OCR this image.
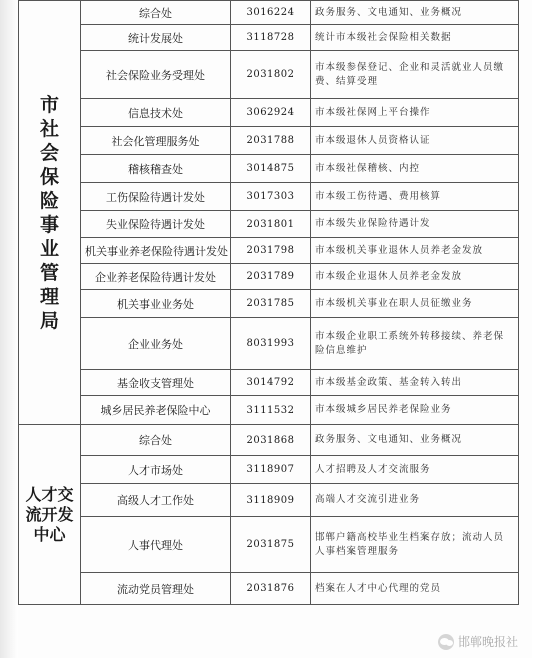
市社会保险事业管理局	综合处	3016224	政务服务、文电通知、业务概况
	统计发展处	3118728	统计市本级社会保险相关数据
	社会保险业务受理处	2031802	市本级参保登记、企业和灵活就业人员缴费、结算受理
	信息技术处	3062924	市本级社保网上平台操作
	社会化管理服务处	2031788	市本级退休人员资格认证
	稽核稽查处	3014875	市本级社保稽核、内控
	工伤保险待遇计发处	3017303	市本级工伤待遇、费用核算
	失业保险待遇计发处	2031801	市本级失业保险待遇计发
	机关事业养老保险待遇计发处	2031798	市本级机关事业退休人员养老金发放
	企业养老保险待遇计发处	2031789	市本级企业退休人员养老金发放
	机关事业业务处	2031785	市本级机关事业在职人员征缴业务
	企业业务处	8031993	市本级企业职工系统外转移接续、养老保险信息维护
	基金收支管理处	3014792	市本级基金政策、基金转入转出
	城乡居民养老保险中心	3111532	市本级城乡居民养老保险业务
人才交流开发中心	综合处	2031868	政务服务、文电通知、业务概况
	人才市场处	3118907	人才招聘及人才交流服务
	高级人才工作处	3118909	高端人才交流引进业务
	人事代理处	2031875	邯郸户籍高校毕业生档案存放；流动人员人事档案管理服务
	流动党员管理处	2031876	档案在人才中心代理的党员
邯郸晚报社
